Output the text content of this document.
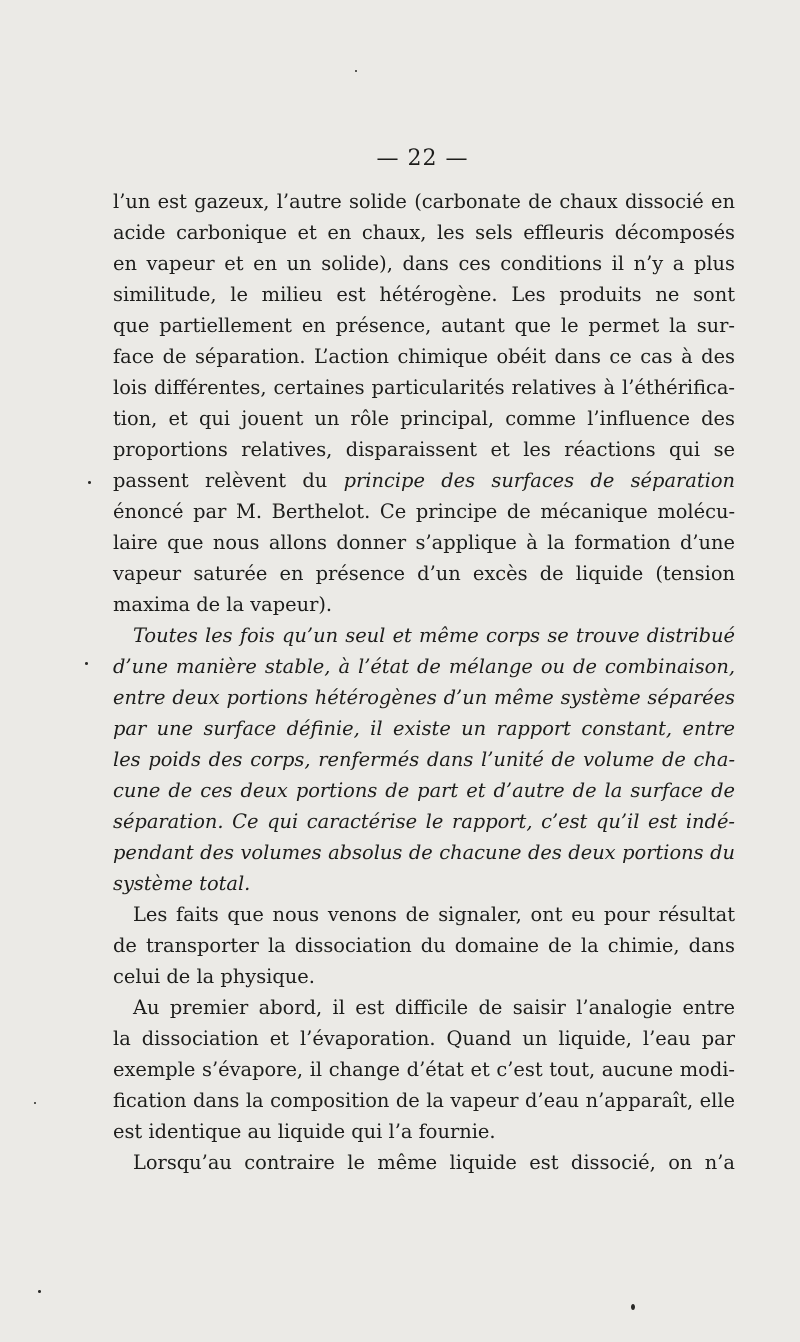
— 22 —
l’un est gazeux, l’autre solide (carbonate de chaux dissocié en
acide carbonique et en chaux, les sels effleuris décomposés
en vapeur et en un solide), dans ces conditions il n’y a plus
similitude, le milieu est hétérogène. Les produits ne sont
que partiellement en présence, autant que le permet la sur-
face de séparation. L’action chimique obéit dans ce cas à des
lois différentes, certaines particularités relatives à l’éthérifica-
tion, et qui jouent un rôle principal, comme l’influence des
proportions relatives, disparaissent et les réactions qui se
passent relèvent du principe des surfaces de séparation
énoncé par M. Berthelot. Ce principe de mécanique molécu-
laire que nous allons donner s’applique à la formation d’une
vapeur saturée en présence d’un excès de liquide (tension
maxima de la vapeur).
Toutes les fois qu’un seul et même corps se trouve distribué
d’une manière stable, à l’état de mélange ou de combinaison,
entre deux portions hétérogènes d’un même système séparées
par une surface définie, il existe un rapport constant, entre
les poids des corps, renfermés dans l’unité de volume de cha-
cune de ces deux portions de part et d’autre de la surface de
séparation. Ce qui caractérise le rapport, c’est qu’il est indé-
pendant des volumes absolus de chacune des deux portions du
système total.
Les faits que nous venons de signaler, ont eu pour résultat
de transporter la dissociation du domaine de la chimie, dans
celui de la physique.
Au premier abord, il est difficile de saisir l’analogie entre
la dissociation et l’évaporation. Quand un liquide, l’eau par
exemple s’évapore, il change d’état et c’est tout, aucune modi-
fication dans la composition de la vapeur d’eau n’apparaît, elle
est identique au liquide qui l’a fournie.
Lorsqu’au contraire le même liquide est dissocié, on n’a
